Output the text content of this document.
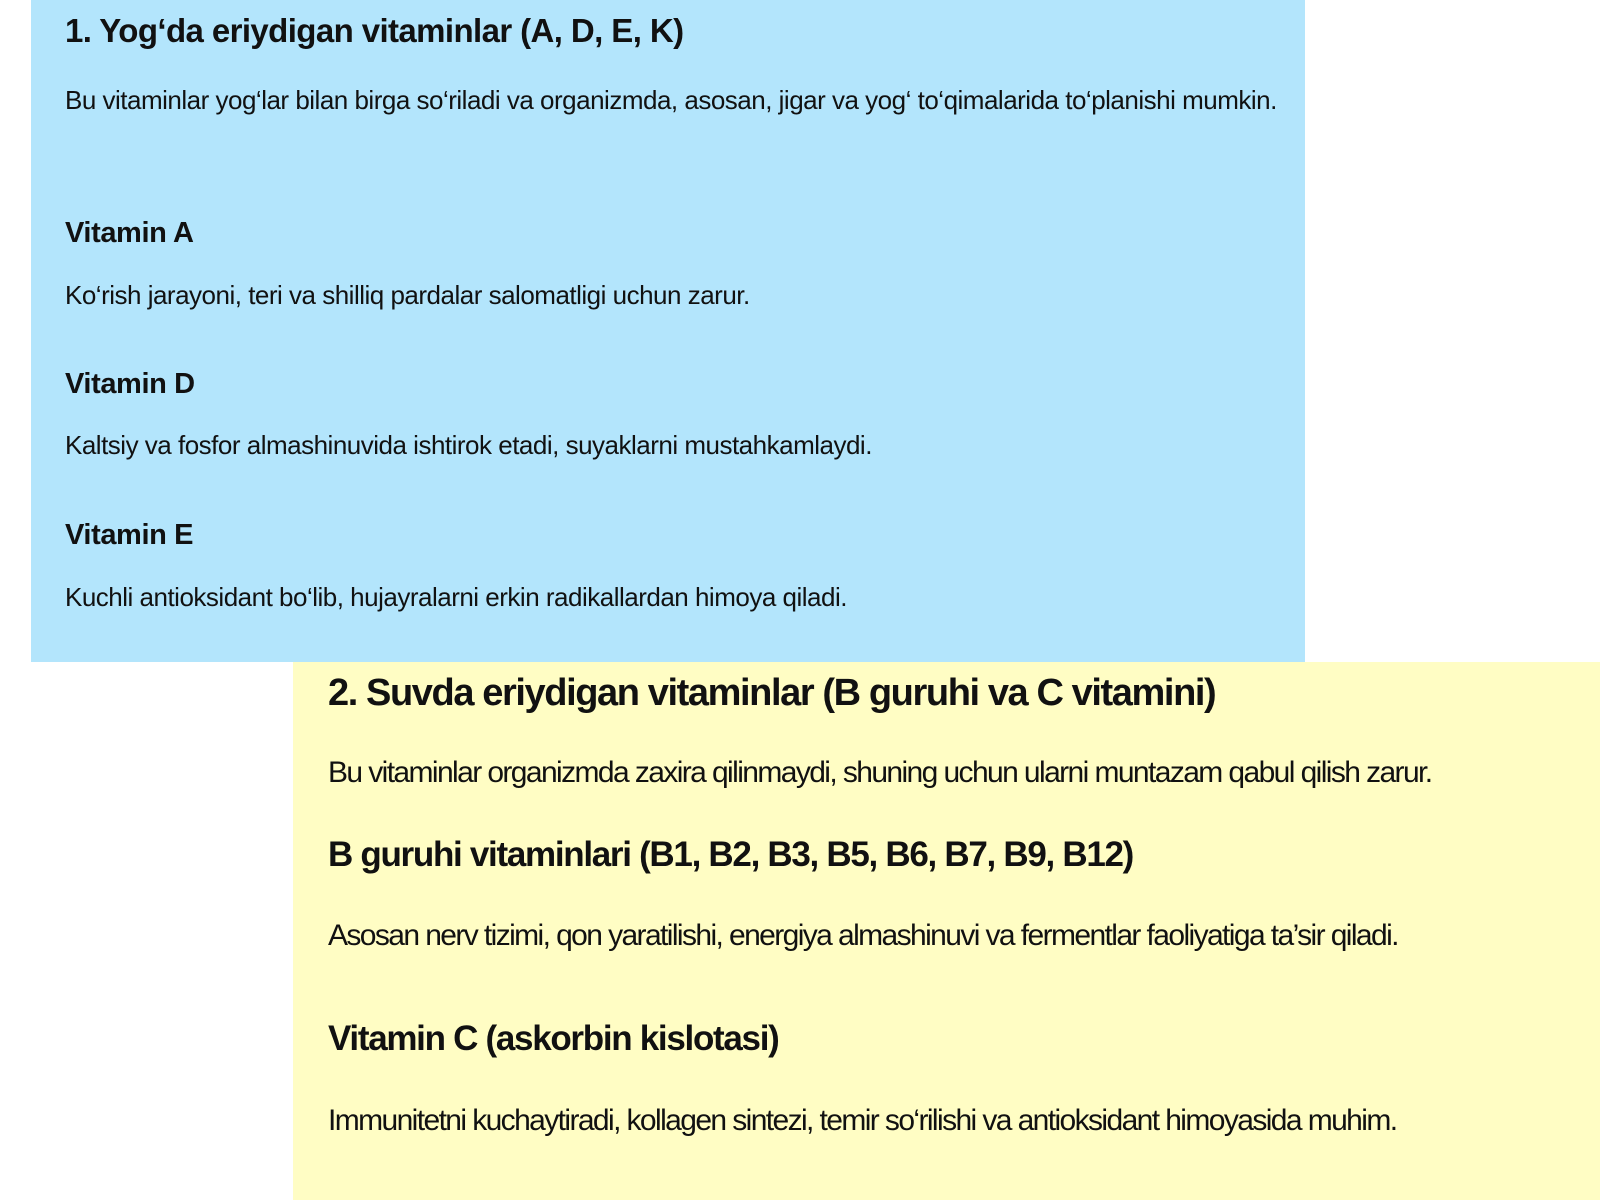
1. Yog‘da eriydigan vitaminlar (A, D, E, K)

Bu vitaminlar yog‘lar bilan birga so‘riladi va organizmda, asosan, jigar va yog‘ to‘qimalarida to‘planishi mumkin.

Vitamin A

Ko‘rish jarayoni, teri va shilliq pardalar salomatligi uchun zarur.

Vitamin D

Kaltsiy va fosfor almashinuvida ishtirok etadi, suyaklarni mustahkamlaydi.

Vitamin E

Kuchli antioksidant bo‘lib, hujayralarni erkin radikallardan himoya qiladi.

2. Suvda eriydigan vitaminlar (B guruhi va C vitamini)

Bu vitaminlar organizmda zaxira qilinmaydi, shuning uchun ularni muntazam qabul qilish zarur.

B guruhi vitaminlari (B1, B2, B3, B5, B6, B7, B9, B12)

Asosan nerv tizimi, qon yaratilishi, energiya almashinuvi va fermentlar faoliyatiga ta’sir qiladi.

Vitamin C (askorbin kislotasi)

Immunitetni kuchaytiradi, kollagen sintezi, temir so‘rilishi va antioksidant himoyasida muhim.
